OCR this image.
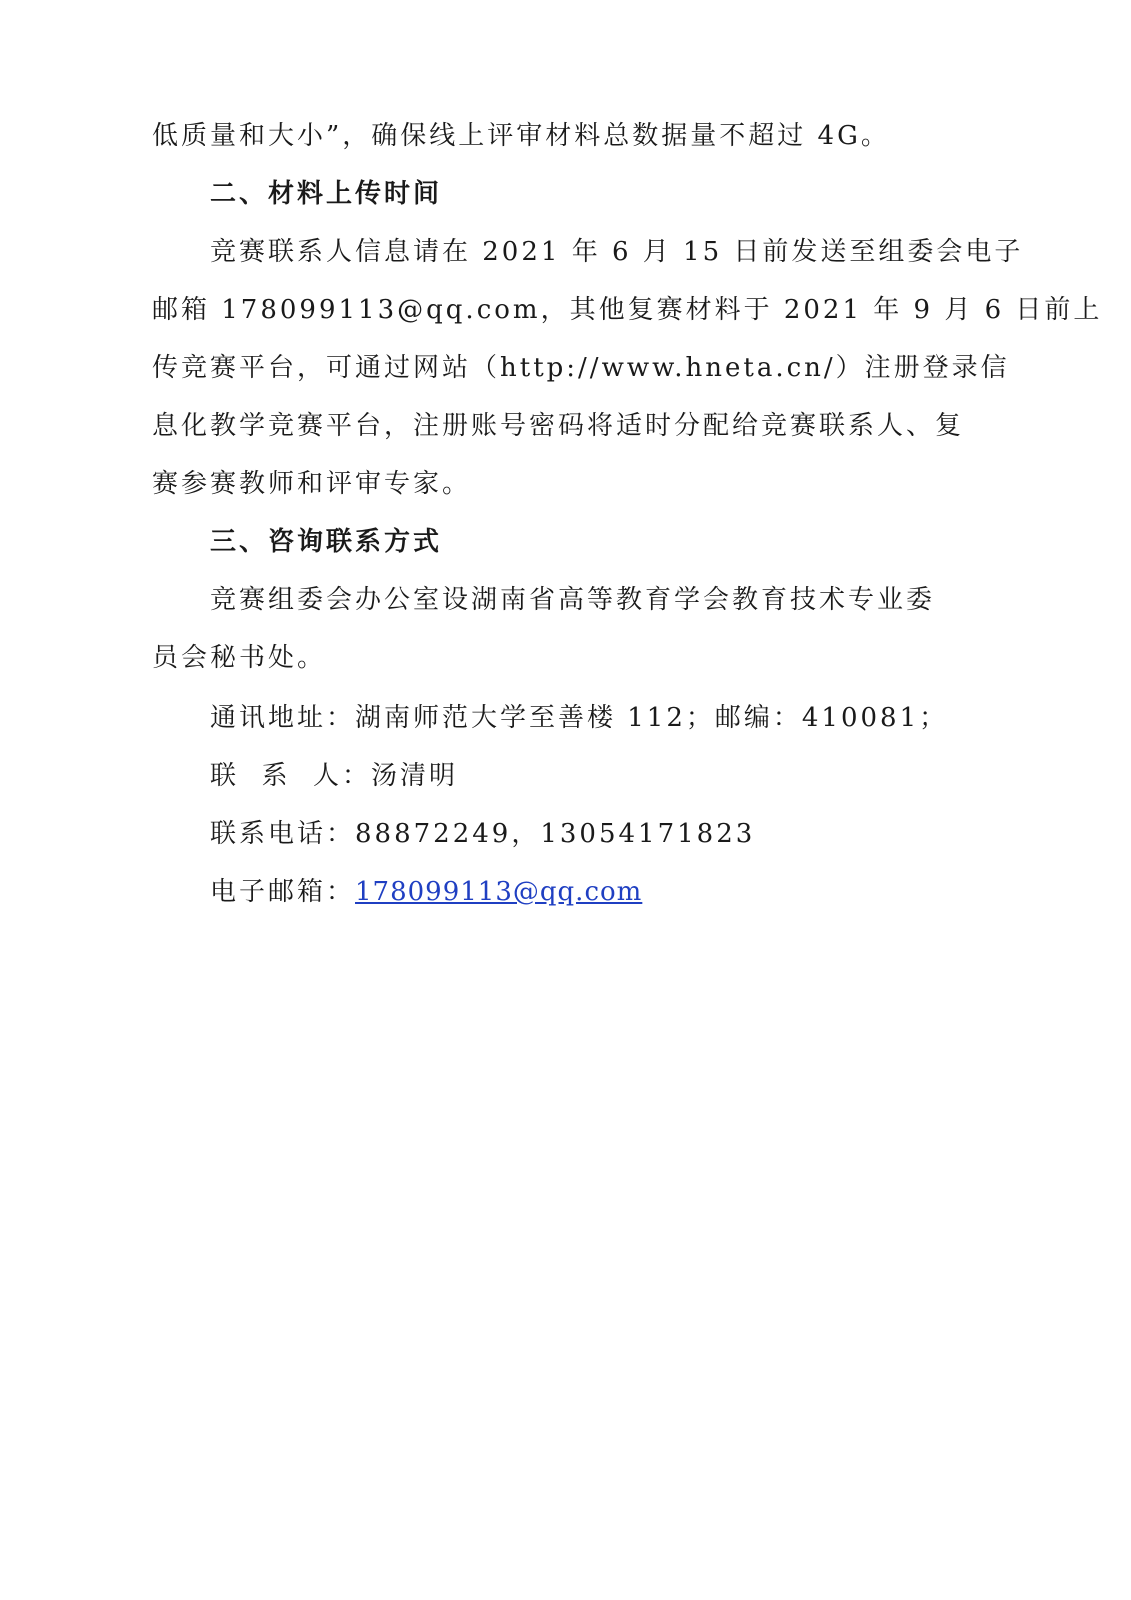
低质量和大小”，确保线上评审材料总数据量不超过 4G。
二、材料上传时间
竞赛联系人信息请在 2021 年 6 月 15 日前发送至组委会电子
邮箱 178099113@qq.com，其他复赛材料于 2021 年 9 月 6 日前上
传竞赛平台，可通过网站（http://www.hneta.cn/）注册登录信
息化教学竞赛平台，注册账号密码将适时分配给竞赛联系人、复
赛参赛教师和评审专家。
三、咨询联系方式
竞赛组委会办公室设湖南省高等教育学会教育技术专业委
员会秘书处。
通讯地址：湖南师范大学至善楼 112；邮编：410081；
联  系  人：汤清明
联系电话：88872249，13054171823
电子邮箱：178099113@qq.com
